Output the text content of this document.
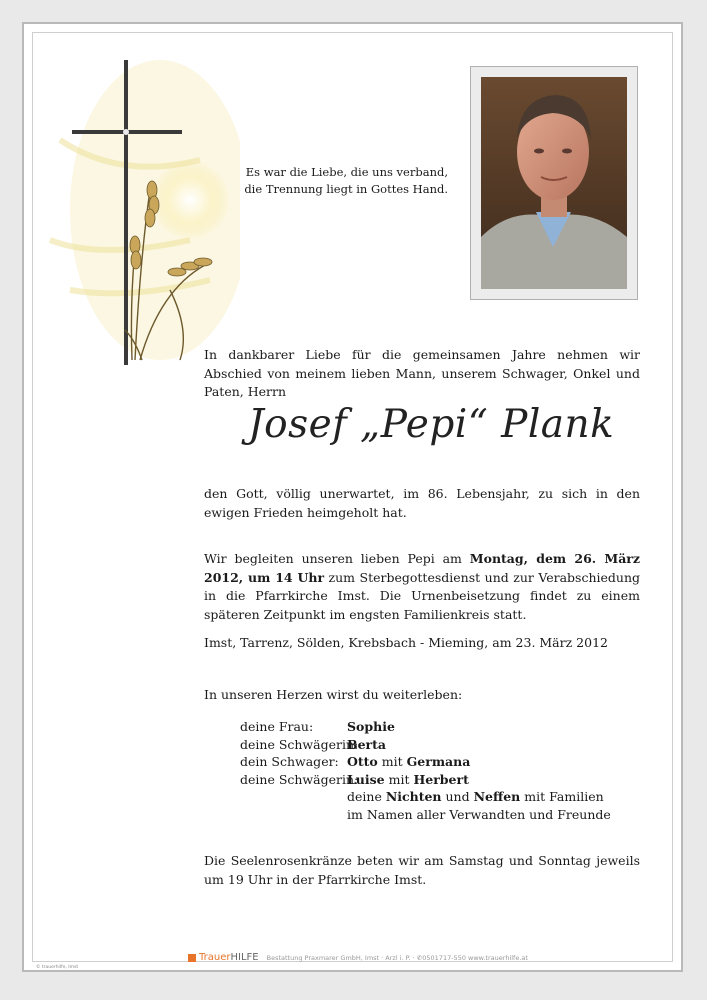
Es war die Liebe, die uns verband,
die Trennung liegt in Gottes Hand.
In dankbarer Liebe für die gemeinsamen Jahre nehmen wir Abschied von meinem lieben Mann, unserem Schwager, Onkel und Paten, Herrn
Josef „Pepi“ Plank
den Gott, völlig unerwartet, im 86. Lebensjahr, zu sich in den ewigen Frieden heimgeholt hat.
Wir begleiten unseren lieben Pepi am Montag, dem 26. März 2012, um 14 Uhr zum Sterbegottesdienst und zur Verabschiedung in die Pfarrkirche Imst. Die Urnenbeisetzung findet zu einem späteren Zeitpunkt im engsten Familienkreis statt.
Imst, Tarrenz, Sölden, Krebsbach - Mieming, am 23. März 2012
In unseren Herzen wirst du weiterleben:
deine Frau:	Sophie
deine Schwägerin:Berta
dein Schwager: Otto mit Germana
deine Schwägerin:Luise mit Herbert
deine Nichten und Neffen mit Familien
im Namen aller Verwandten und Freunde
Die Seelenrosenkränze beten wir am Samstag und Sonntag jeweils um 19 Uhr in der Pfarrkirche Imst.
TrauerHILFE Bestattung Praxmarer GmbH, Imst · Arzl i. P. · ✆0501717-550 www.trauerhilfe.at
© trauerhilfe, Imst
